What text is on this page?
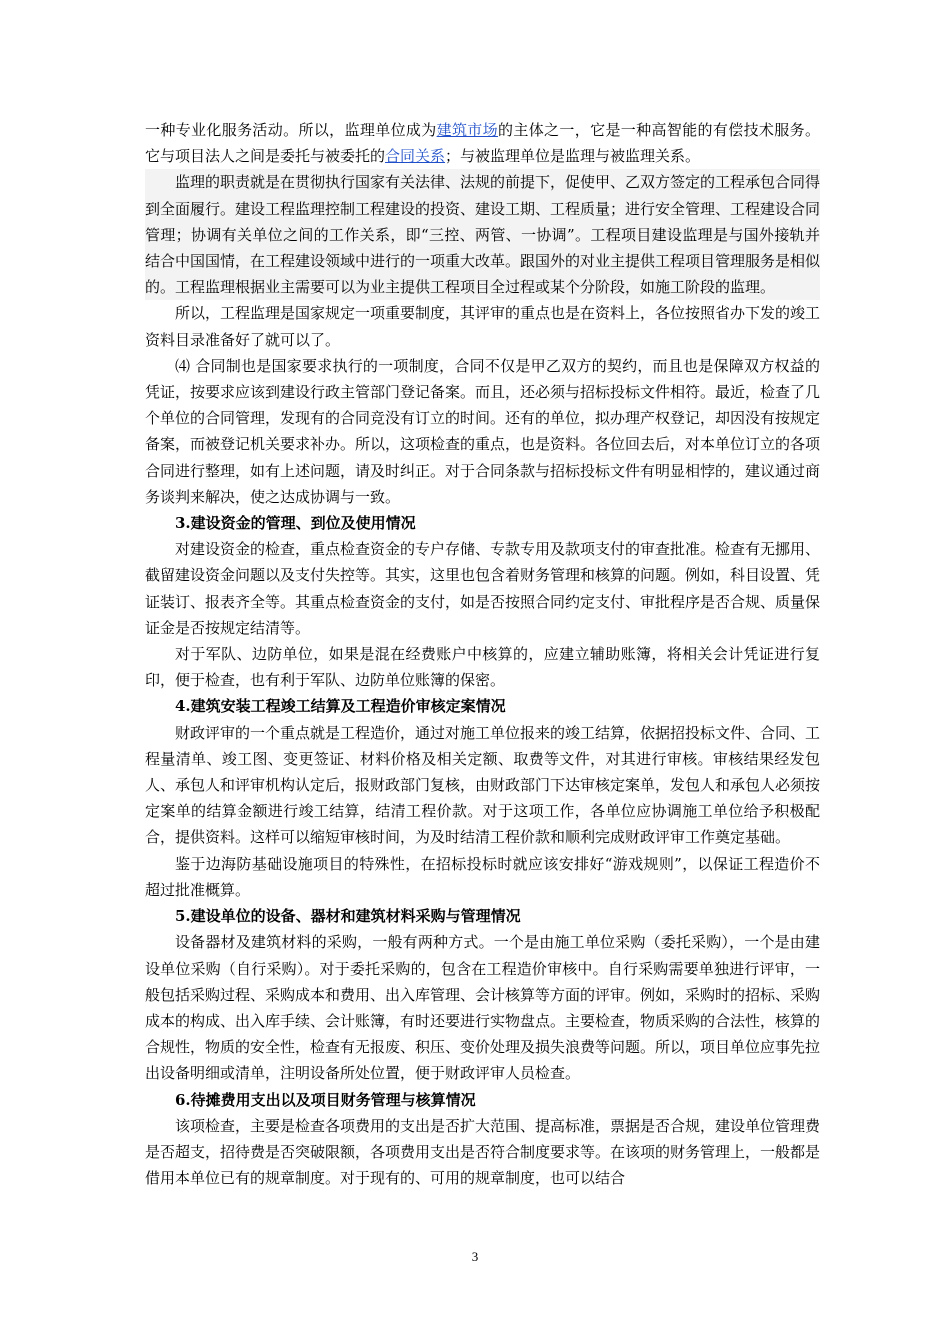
一种专业化服务活动。所以，监理单位成为建筑市场的主体之一，它是一种高智能的有偿技术服务。它与项目法人之间是委托与被委托的合同关系；与被监理单位是监理与被监理关系。

监理的职责就是在贯彻执行国家有关法律、法规的前提下，促使甲、乙双方签定的工程承包合同得到全面履行。建设工程监理控制工程建设的投资、建设工期、工程质量；进行安全管理、工程建设合同管理；协调有关单位之间的工作关系，即“三控、两管、一协调”。工程项目建设监理是与国外接轨并结合中国国情，在工程建设领域中进行的一项重大改革。跟国外的对业主提供工程项目管理服务是相似的。工程监理根据业主需要可以为业主提供工程项目全过程或某个分阶段，如施工阶段的监理。

所以，工程监理是国家规定一项重要制度，其评审的重点也是在资料上，各位按照省办下发的竣工资料目录准备好了就可以了。

⑷ 合同制也是国家要求执行的一项制度，合同不仅是甲乙双方的契约，而且也是保障双方权益的凭证，按要求应该到建设行政主管部门登记备案。而且，还必须与招标投标文件相符。最近，检查了几个单位的合同管理，发现有的合同竞没有订立的时间。还有的单位，拟办理产权登记，却因没有按规定备案，而被登记机关要求补办。所以，这项检查的重点，也是资料。各位回去后，对本单位订立的各项合同进行整理，如有上述问题，请及时纠正。对于合同条款与招标投标文件有明显相悖的，建议通过商务谈判来解决，使之达成协调与一致。

3.建设资金的管理、到位及使用情况

对建设资金的检查，重点检查资金的专户存储、专款专用及款项支付的审查批准。检查有无挪用、截留建设资金问题以及支付失控等。其实，这里也包含着财务管理和核算的问题。例如，科目设置、凭证装订、报表齐全等。其重点检查资金的支付，如是否按照合同约定支付、审批程序是否合规、质量保证金是否按规定结清等。

对于军队、边防单位，如果是混在经费账户中核算的，应建立辅助账簿，将相关会计凭证进行复印，便于检查，也有利于军队、边防单位账簿的保密。

4.建筑安装工程竣工结算及工程造价审核定案情况

财政评审的一个重点就是工程造价，通过对施工单位报来的竣工结算，依据招投标文件、合同、工程量清单、竣工图、变更签证、材料价格及相关定额、取费等文件，对其进行审核。审核结果经发包人、承包人和评审机构认定后，报财政部门复核，由财政部门下达审核定案单，发包人和承包人必须按定案单的结算金额进行竣工结算，结清工程价款。对于这项工作，各单位应协调施工单位给予积极配合，提供资料。这样可以缩短审核时间，为及时结清工程价款和顺利完成财政评审工作奠定基础。

鉴于边海防基础设施项目的特殊性，在招标投标时就应该安排好“游戏规则”，以保证工程造价不超过批准概算。

5.建设单位的设备、器材和建筑材料采购与管理情况

设备器材及建筑材料的采购，一般有两种方式。一个是由施工单位采购（委托采购），一个是由建设单位采购（自行采购）。对于委托采购的，包含在工程造价审核中。自行采购需要单独进行评审，一般包括采购过程、采购成本和费用、出入库管理、会计核算等方面的评审。例如，采购时的招标、采购成本的构成、出入库手续、会计账簿，有时还要进行实物盘点。主要检查，物质采购的合法性，核算的合规性，物质的安全性，检查有无报废、积压、变价处理及损失浪费等问题。所以，项目单位应事先拉出设备明细或清单，注明设备所处位置，便于财政评审人员检查。

6.待摊费用支出以及项目财务管理与核算情况

该项检查，主要是检查各项费用的支出是否扩大范围、提高标准，票据是否合规，建设单位管理费是否超支，招待费是否突破限额，各项费用支出是否符合制度要求等。在该项的财务管理上，一般都是借用本单位已有的规章制度。对于现有的、可用的规章制度，也可以结合

3
